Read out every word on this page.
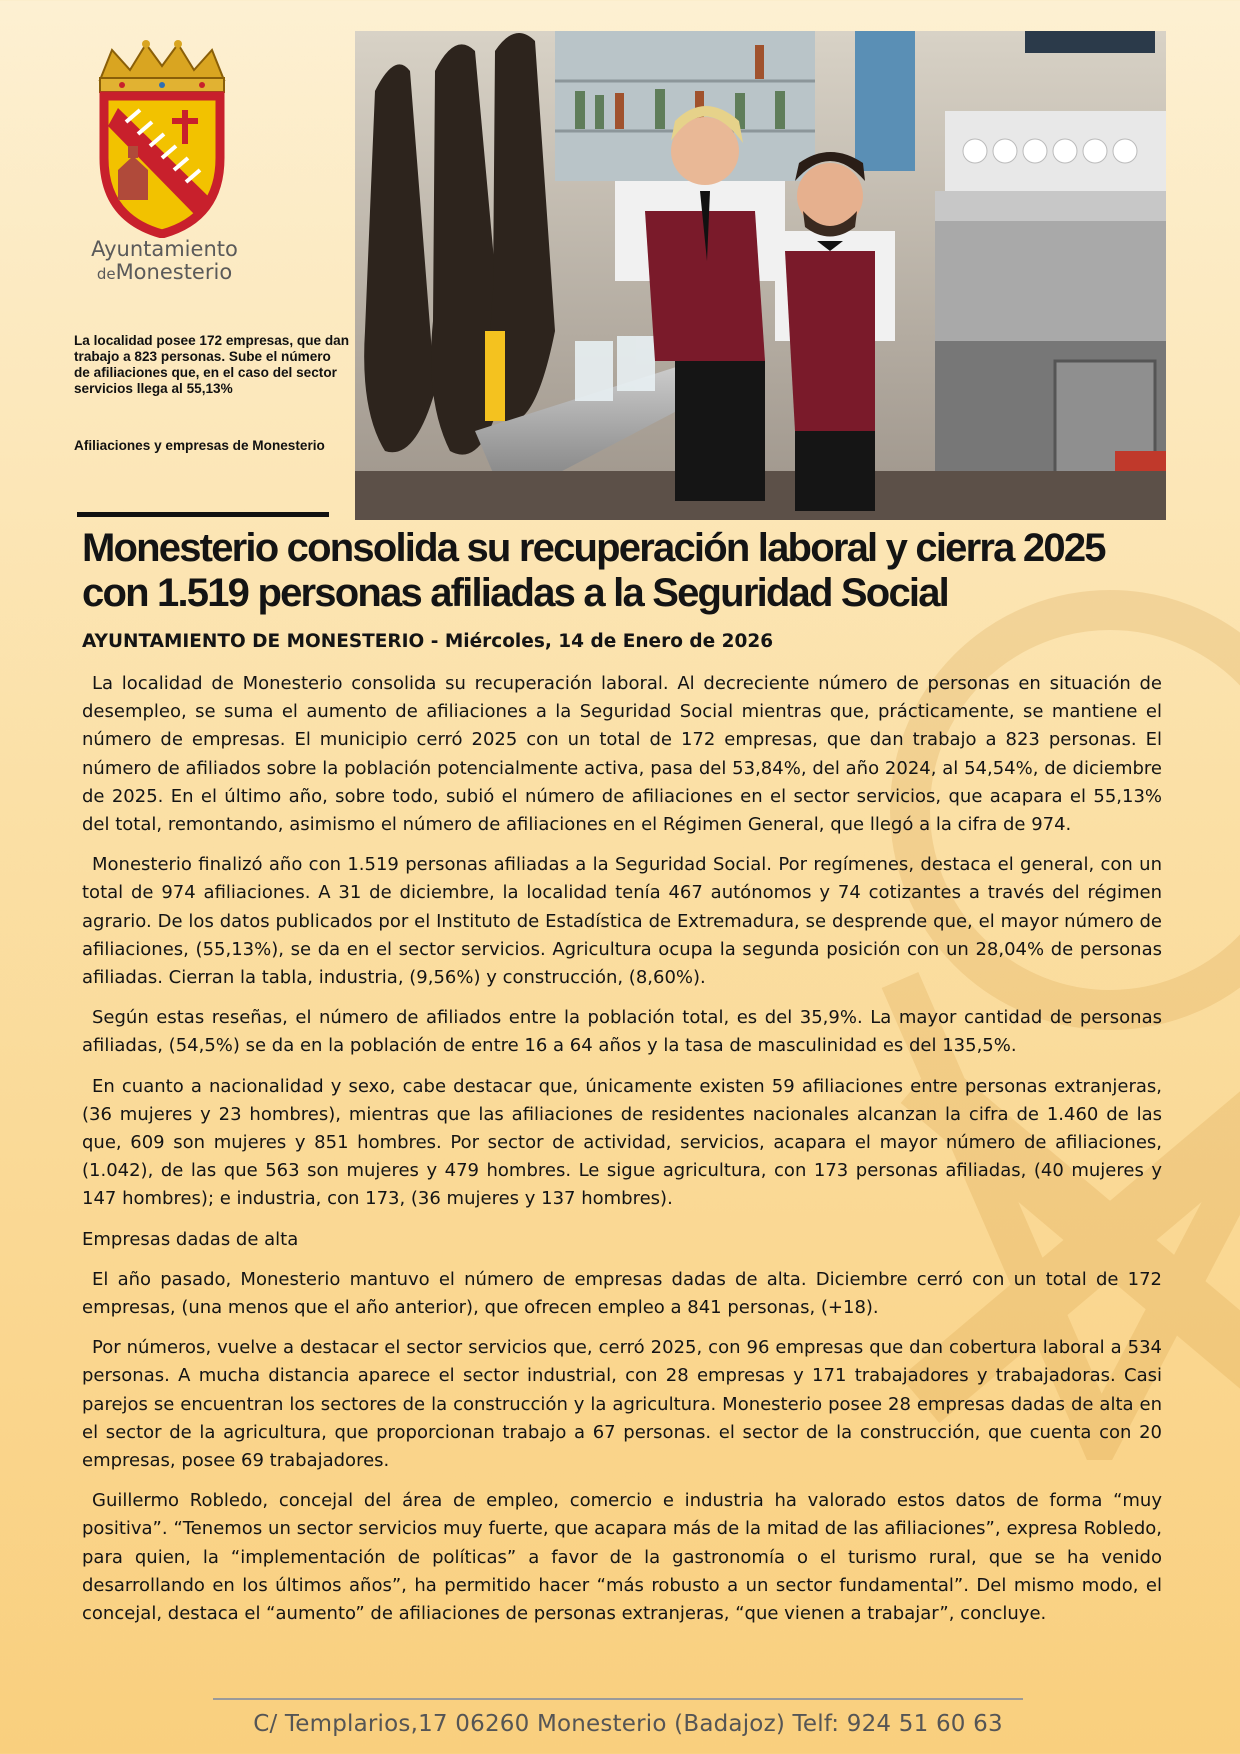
Ayuntamiento
deMonesterio
La localidad posee 172 empresas, que dan trabajo a 823 personas. Sube el número de afiliaciones que, en el caso del sector servicios llega al 55,13%
Afiliaciones y empresas de Monesterio
Monesterio consolida su recuperación laboral y cierra 2025 con 1.519 personas afiliadas a la Seguridad Social
AYUNTAMIENTO DE MONESTERIO - Miércoles, 14 de Enero de 2026

La localidad de Monesterio consolida su recuperación laboral. Al decreciente número de personas en situación de desempleo, se suma el aumento de afiliaciones a la Seguridad Social mientras que, prácticamente, se mantiene el número de empresas. El municipio cerró 2025 con un total de 172 empresas, que dan trabajo a 823 personas. El número de afiliados sobre la población potencialmente activa, pasa del 53,84%, del año 2024, al 54,54%, de diciembre de 2025. En el último año, sobre todo, subió el número de afiliaciones en el sector servicios, que acapara el 55,13% del total, remontando, asimismo el número de afiliaciones en el Régimen General, que llegó a la cifra de 974.

Monesterio finalizó año con 1.519 personas afiliadas a la Seguridad Social. Por regímenes, destaca el general, con un total de 974 afiliaciones. A 31 de diciembre, la localidad tenía 467 autónomos y 74 cotizantes a través del régimen agrario. De los datos publicados por el Instituto de Estadística de Extremadura, se desprende que, el mayor número de afiliaciones, (55,13%), se da en el sector servicios. Agricultura ocupa la segunda posición con un 28,04% de personas afiliadas. Cierran la tabla, industria, (9,56%) y construcción, (8,60%).

Según estas reseñas, el número de afiliados entre la población total, es del 35,9%. La mayor cantidad de personas afiliadas, (54,5%) se da en la población de entre 16 a 64 años y la tasa de masculinidad es del 135,5%.

En cuanto a nacionalidad y sexo, cabe destacar que, únicamente existen 59 afiliaciones entre personas extranjeras, (36 mujeres y 23 hombres), mientras que las afiliaciones de residentes nacionales alcanzan la cifra de 1.460 de las que, 609 son mujeres y 851 hombres. Por sector de actividad, servicios, acapara el mayor número de afiliaciones, (1.042), de las que 563 son mujeres y 479 hombres. Le sigue agricultura, con 173 personas afiliadas, (40 mujeres y 147 hombres); e industria, con 173, (36 mujeres y 137 hombres).

Empresas dadas de alta

El año pasado, Monesterio mantuvo el número de empresas dadas de alta. Diciembre cerró con un total de 172 empresas, (una menos que el año anterior), que ofrecen empleo a 841 personas, (+18).

Por números, vuelve a destacar el sector servicios que, cerró 2025, con 96 empresas que dan cobertura laboral a 534 personas. A mucha distancia aparece el sector industrial, con 28 empresas y 171 trabajadores y trabajadoras. Casi parejos se encuentran los sectores de la construcción y la agricultura. Monesterio posee 28 empresas dadas de alta en el sector de la agricultura, que proporcionan trabajo a 67 personas. el sector de la construcción, que cuenta con 20 empresas, posee 69 trabajadores.

Guillermo Robledo, concejal del área de empleo, comercio e industria ha valorado estos datos de forma “muy positiva”. “Tenemos un sector servicios muy fuerte, que acapara más de la mitad de las afiliaciones”, expresa Robledo, para quien, la “implementación de políticas” a favor de la gastronomía o el turismo rural, que se ha venido desarrollando en los últimos años”, ha permitido hacer “más robusto a un sector fundamental”. Del mismo modo, el concejal, destaca el “aumento” de afiliaciones de personas extranjeras, “que vienen a trabajar”, concluye.

C/ Templarios,17 06260 Monesterio (Badajoz) Telf: 924 51 60 63
